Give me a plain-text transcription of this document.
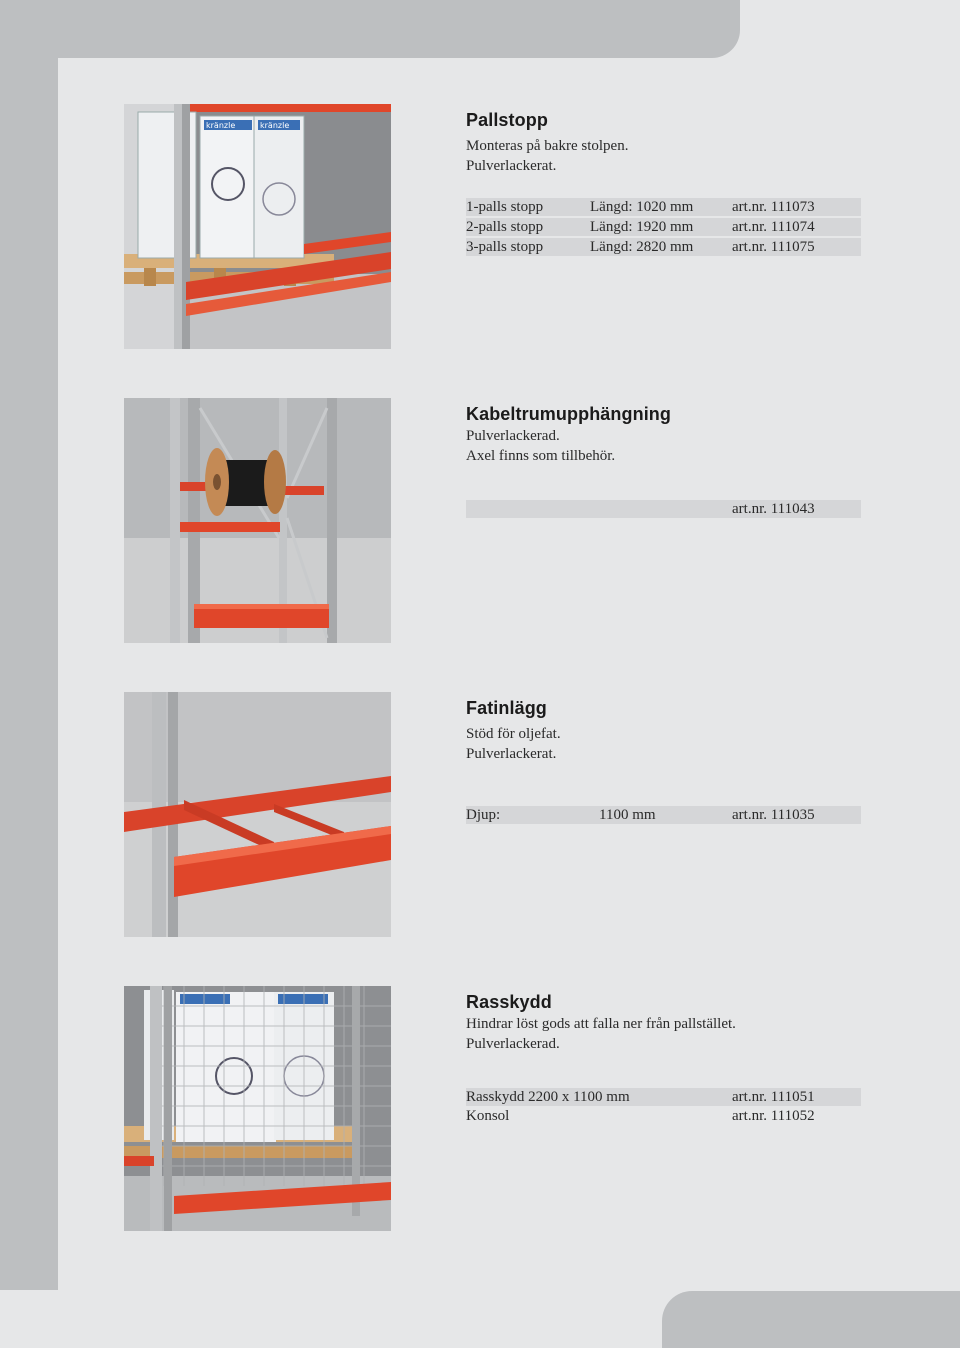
kränzle	kränzle	Pallstopp
Monteras på bakre stolpen.
Pulverlackerat.
1-palls stopp	Längd: 1020 mm	art.nr. 111073
2-palls stopp	Längd: 1920 mm	art.nr. 111074
3-palls stopp	Längd: 2820 mm	art.nr. 111075
Kabeltrumupphängning
Pulverlackerad.
Axel finns som tillbehör.
art.nr. 111043
Fatinlägg
Stöd för oljefat.
Pulverlackerat.
Djup:	1100 mm	art.nr. 111035
Rasskydd
Hindrar löst gods att falla ner från pallstället.
Pulverlackerad.
Rasskydd 2200 x 1100 mm	art.nr. 111051
Konsol	art.nr. 111052
